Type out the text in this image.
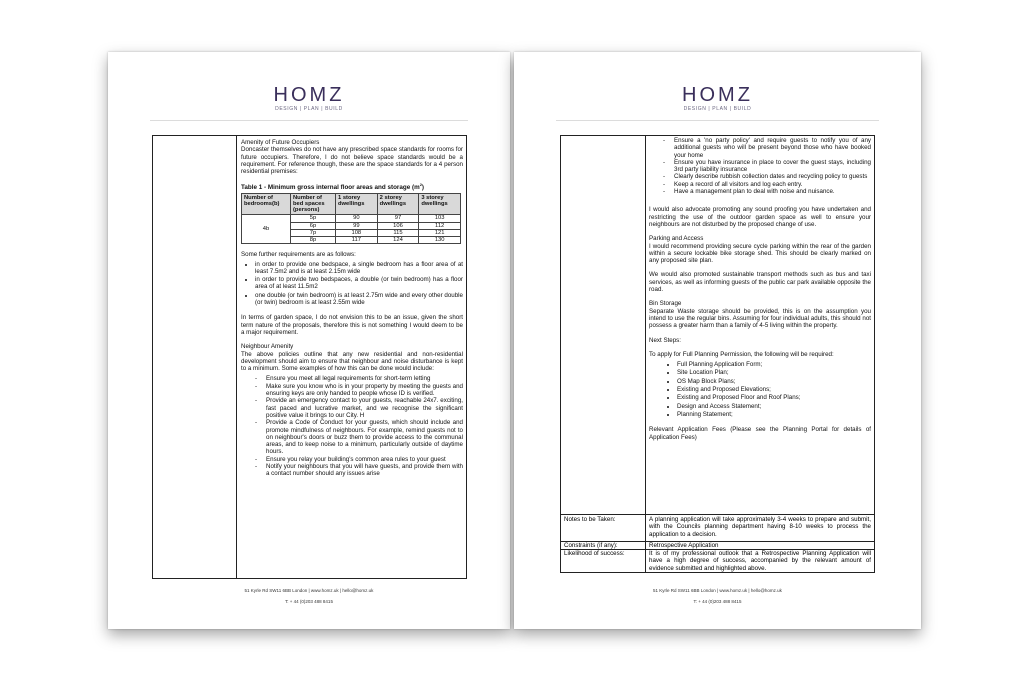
HOMZ
DESIGN | PLAN | BUILD

Amenity of Future Occupiers

Doncaster themselves do not have any prescribed space standards for rooms for future occupiers. Therefore, I do not believe space standards would be a requirement. For reference though, these are the space standards for a 4 person residential premises:

Table 1 - Minimum gross internal floor areas and storage $(m^2)$

Number of bedrooms(b)	Number of bed spaces (persons)	1 storey dwellings	2 storey dwellings	3 storey dwellings
4b	5p	90	97	103
	6p	99	106	112
	7p	108	115	121
	8p	117	124	130

Some further requirements are as follows:

• in order to provide one bedspace, a single bedroom has a floor area of at least 7.5m2 and is at least 2.15m wide
• in order to provide two bedspaces, a double (or twin bedroom) has a floor area of at least 11.5m2
• one double (or twin bedroom) is at least 2.75m wide and every other double (or twin) bedroom is at least 2.55m wide

In terms of garden space, I do not envision this to be an issue, given the short term nature of the proposals, therefore this is not something I would deem to be a major requirement.

Neighbour Amenity

The above policies outline that any new residential and non-residential development should aim to ensure that neighbour and noise disturbance is kept to a minimum. Some examples of how this can be done would include:

- Ensure you meet all legal requirements for short-term letting
- Make sure you know who is in your property by meeting the guests and ensuring keys are only handed to people whose ID is verified.
- Provide an emergency contact to your guests, reachable 24x7. exciting, fast paced and lucrative market, and we recognise the significant positive value it brings to our City. H
- Provide a Code of Conduct for your guests, which should include and promote mindfulness of neighbours. For example, remind guests not to on neighbour's doors or buzz them to provide access to the communal areas, and to keep noise to a minimum, particularly outside of daytime hours.
- Ensure you relay your building's common area rules to your guest
- Notify your neighbours that you will have guests, and provide them with a contact number should any issues arise
51 Kyrle Rd SW11 6BB London | www.homz.uk | hello@homz.uk
T: + 44 (0)203 488 8415
HOMZ
DESIGN | PLAN | BUILD
- Ensure a 'no party policy' and require guests to notify you of any additional guests who will be present beyond those who have booked your home
- Ensure you have insurance in place to cover the guest stays, including 3rd party liability insurance
- Clearly describe rubbish collection dates and recycling policy to guests
- Keep a record of all visitors and log each entry.
- Have a management plan to deal with noise and nuisance.

I would also advocate promoting any sound proofing you have undertaken and restricting the use of the outdoor garden space as well to ensure your neighbours are not disturbed by the proposed change of use.

Parking and Access

I would recommend providing secure cycle parking within the rear of the garden within a secure lockable bike storage shed. This should be clearly marked on any proposed site plan.

We would also promoted sustainable transport methods such as bus and taxi services, as well as informing guests of the public car park available opposite the road.

Bin Storage

Separate Waste storage should be provided, this is on the assumption you intend to use the regular bins. Assuming for four individual adults, this should not possess a greater harm than a family of 4-5 living within the property.

Next Steps:

To apply for Full Planning Permission, the following will be required:

• Full Planning Application Form;
• Site Location Plan;
• OS Map Block Plans;
• Existing and Proposed Elevations;
• Existing and Proposed Floor and Roof Plans;
• Design and Access Statement;
• Planning Statement;

Relevant Application Fees (Please see the Planning Portal for details of Application Fees)

Notes to be Taken:	A planning application will take approximately 3-4 weeks to prepare and submit, with the Councils planning department having 8-10 weeks to process the application to a decision.
Constraints (if any):	Retrospective Application
Likelihood of success:	It is of my professional outlook that a Retrospective Planning Application will have a high degree of success, accompanied by the relevant amount of evidence submitted and highlighted above.
51 Kyrle Rd SW11 6BB London | www.homz.uk | hello@homz.uk
T: + 44 (0)203 488 8415
